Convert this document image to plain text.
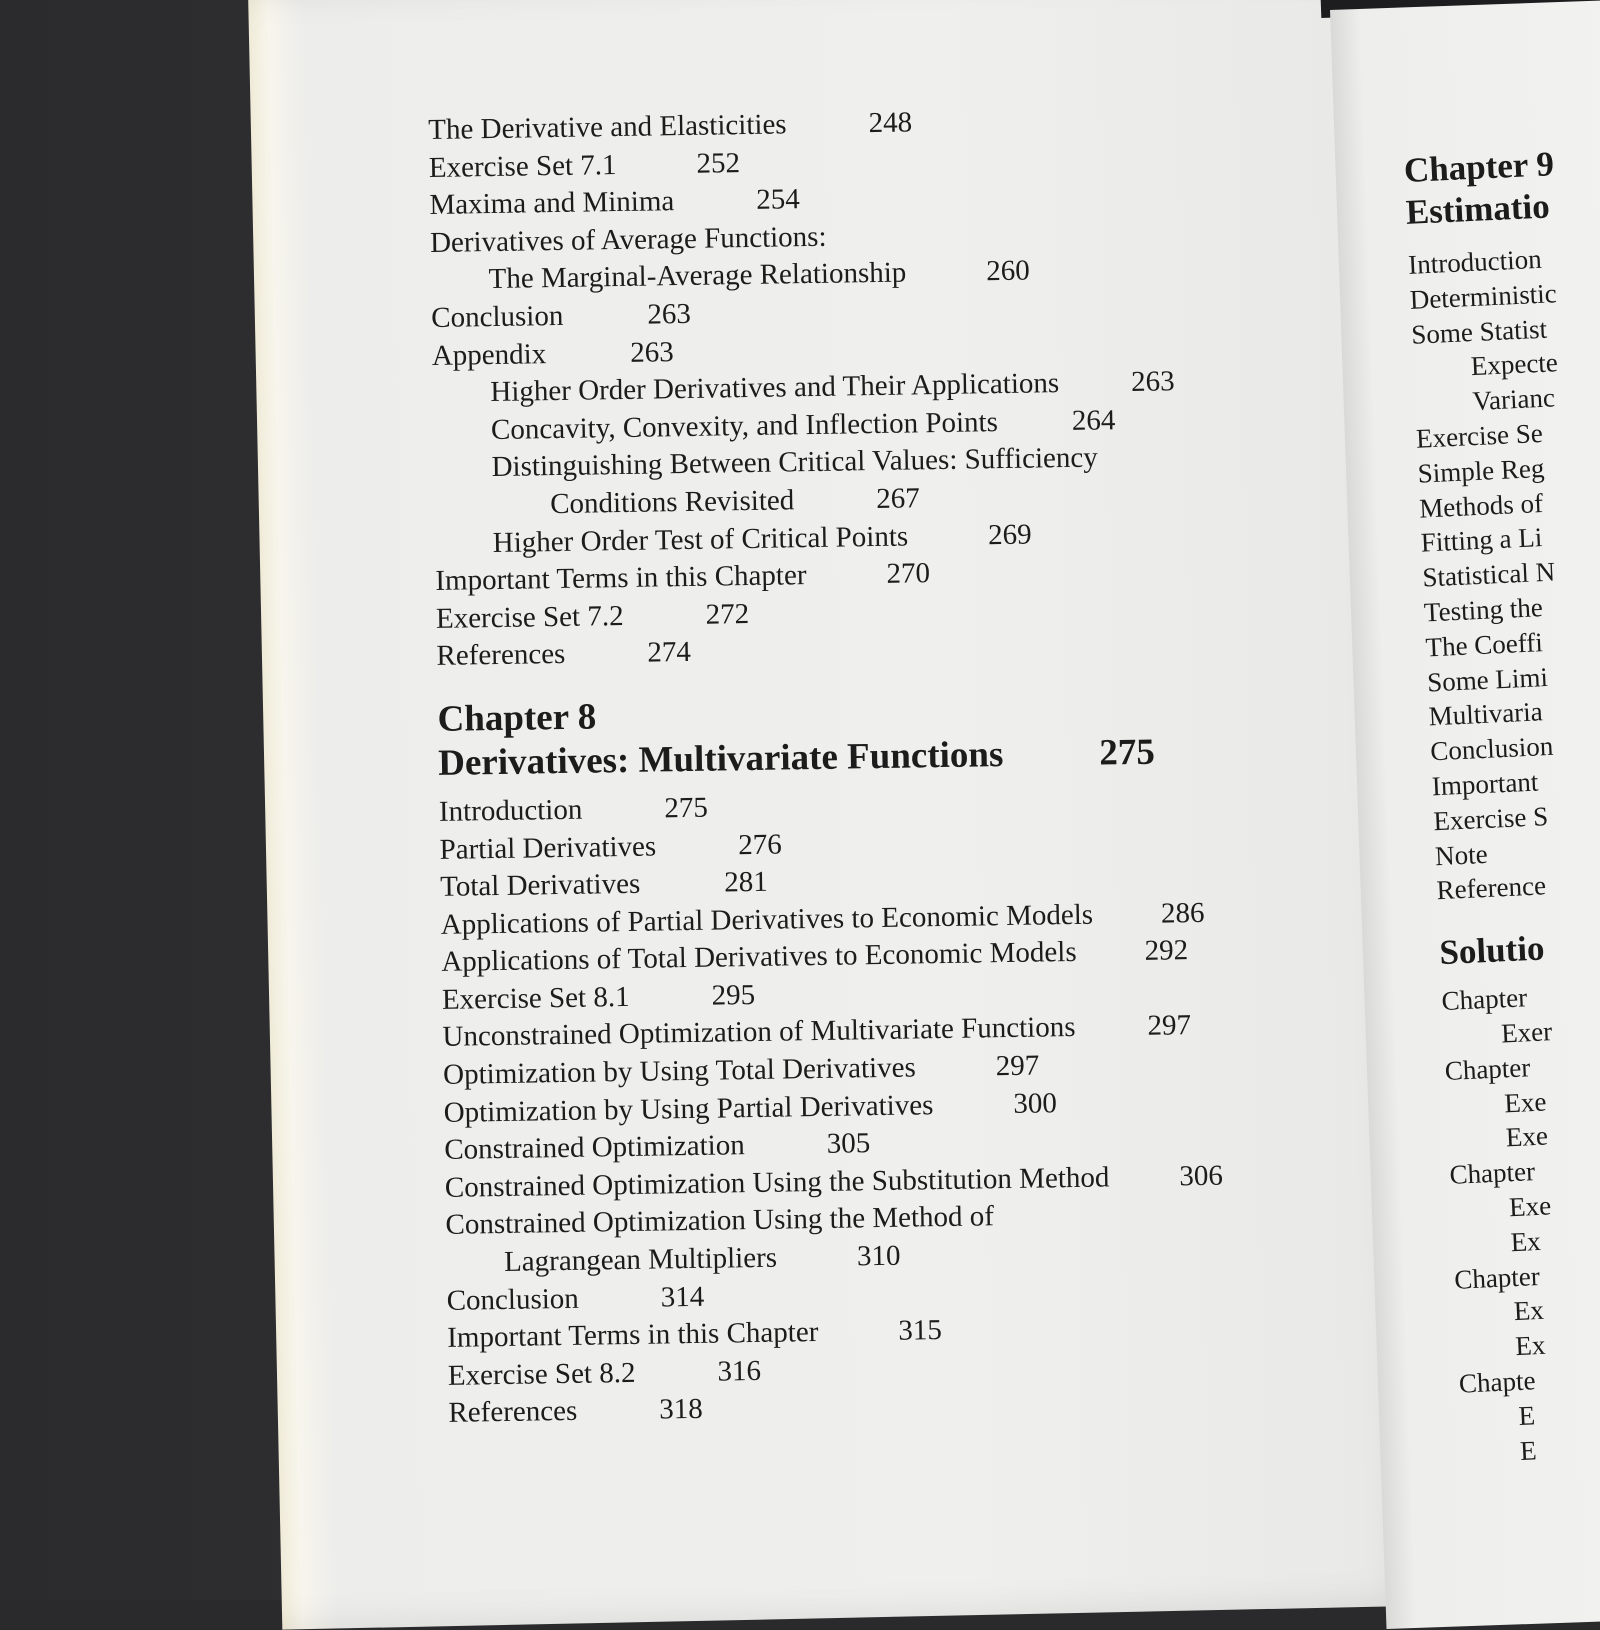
The Derivative and Elasticities	248
Exercise Set 7.1	252
Maxima and Minima	254
Derivatives of Average Functions:
The Marginal-Average Relationship	260
Conclusion	263
Appendix	263
Higher Order Derivatives and Their Applications 263
Concavity, Convexity, and Inflection Points	264
Distinguishing Between Critical Values: Sufficiency
Conditions Revisited	267
Higher Order Test of Critical Points	269
Important Terms in this Chapter	270
Exercise Set 7.2	272
References	274
Chapter 8
Derivatives: Multivariate Functions	275
Introduction	275
Partial Derivatives	276
Total Derivatives	281
Applications of Partial Derivatives to Economic Models 286
Applications of Total Derivatives to Economic Models 292
Exercise Set 8.1	295
Unconstrained Optimization of Multivariate Functions 297
Optimization by Using Total Derivatives	297
Optimization by Using Partial Derivatives	300
Constrained Optimization	305
Constrained Optimization Using the Substitution Method 306
Constrained Optimization Using the Method of
Lagrangean Multipliers	310
Conclusion	314
Important Terms in this Chapter	315
Exercise Set 8.2	316
References	318
Chapter 9
Estimatio
Introduction
Deterministic
Some Statist
Expecte
Varianc
Exercise Se
Simple Reg
Methods of
Fitting a Li
Statistical N
Testing the
The Coeffi
Some Limi
Multivaria
Conclusion
Important
Exercise S
Note
Reference
Solutio
Chapter
Exer
Chapter
Exe
Exe
Chapter
Exe
Ex
Chapter
Ex
Ex
Chapte
E
E
